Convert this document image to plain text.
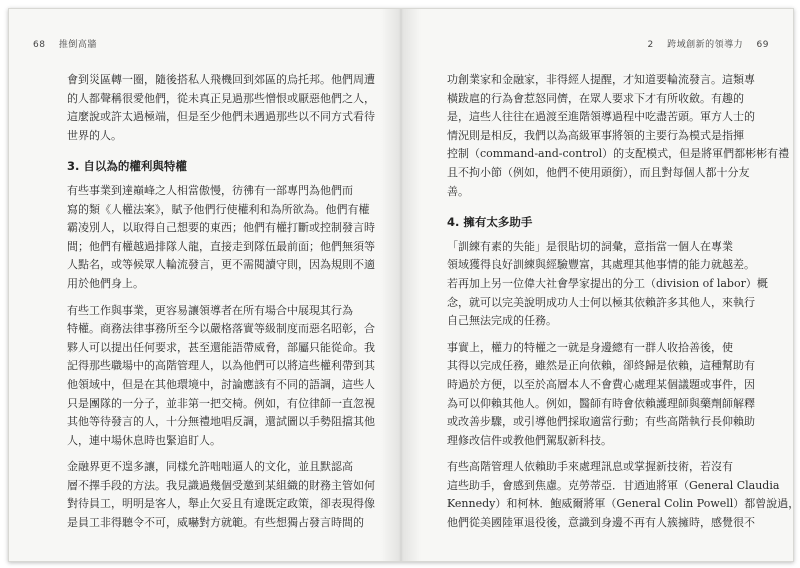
68 推倒高牆
會到災區轉一圈，隨後搭私人飛機回到郊區的烏托邦。他們周遭
的人都聲稱很愛他們，從未真正見過那些憎恨或厭惡他們之人，
這麼說或許太過極端，但是至少他們未遇過那些以不同方式看待
世界的人。
3. 自以為的權利與特權
有些事業到達巔峰之人相當傲慢，彷彿有一部專門為他們而
寫的類《人權法案》，賦予他們行使權利和為所欲為。他們有權
霸凌別人，以取得自己想要的東西；他們有權打斷或控制發言時
間；他們有權越過排隊人龍，直接走到隊伍最前面；他們無須等
人點名，或等候眾人輪流發言，更不需閱讀守則，因為規則不適
用於他們身上。
有些工作與事業，更容易讓領導者在所有場合中展現其行為
特權。商務法律事務所至今以嚴格落實等級制度而惡名昭彰，合
夥人可以提出任何要求，甚至還能語帶威脅，部屬只能從命。我
記得那些職場中的高階管理人，以為他們可以將這些權利帶到其
他領域中，但是在其他環境中，討論應該有不同的語調，這些人
只是團隊的一分子，並非第一把交椅。例如，有位律師一直忽視
其他等待發言的人，十分無禮地唱反調，還試圖以手勢阻擋其他
人，連中場休息時也緊追盯人。
金融界更不遑多讓，同樣允許咄咄逼人的文化，並且默認高
層不擇手段的方法。我見識過幾個受邀到某組織的財務主管如何
對待員工，明明是客人，舉止欠妥且有違既定政策，卻表現得像
是員工非得聽令不可，威嚇對方就範。有些想獨占發言時間的
2 跨域創新的領導力 69
功創業家和金融家，非得經人提醒，才知道要輪流發言。這類專
橫跋扈的行為會惹怒同儕，在眾人要求下才有所收斂。有趣的
是，這些人往往在過渡至進階領導過程中吃盡苦頭。軍方人士的
情況則是相反，我們以為高級軍事將領的主要行為模式是指揮
控制（command-and-control）的支配模式，但是將軍們都彬彬有禮
且不拘小節（例如，他們不使用頭銜），而且對每個人都十分友
善。
4. 擁有太多助手
「訓練有素的失能」是很貼切的詞彙，意指當一個人在專業
領域獲得良好訓練與經驗豐富，其處理其他事情的能力就越差。
若再加上另一位偉大社會學家提出的分工（division of labor）概
念，就可以完美說明成功人士何以極其依賴許多其他人，來執行
自己無法完成的任務。
事實上，權力的特權之一就是身邊總有一群人收拾善後，使
其得以完成任務，雖然是正向依賴，卻終歸是依賴，這種幫助有
時過於方便，以至於高層本人不會費心處理某個議題或事件，因
為可以仰賴其他人。例如，醫師有時會依賴護理師與藥劑師解釋
或改善步驟，或引導他們採取適當行動；有些高階執行長仰賴助
理修改信件或教他們駕馭新科技。
有些高階管理人依賴助手來處理訊息或掌握新技術，若沒有
這些助手，會感到焦慮。克勞蒂亞．甘迺迪將軍（General Claudia
Kennedy）和柯林．鮑威爾將軍（General Colin Powell）都曾說過，
他們從美國陸軍退役後，意識到身邊不再有人簇擁時，感覺很不
